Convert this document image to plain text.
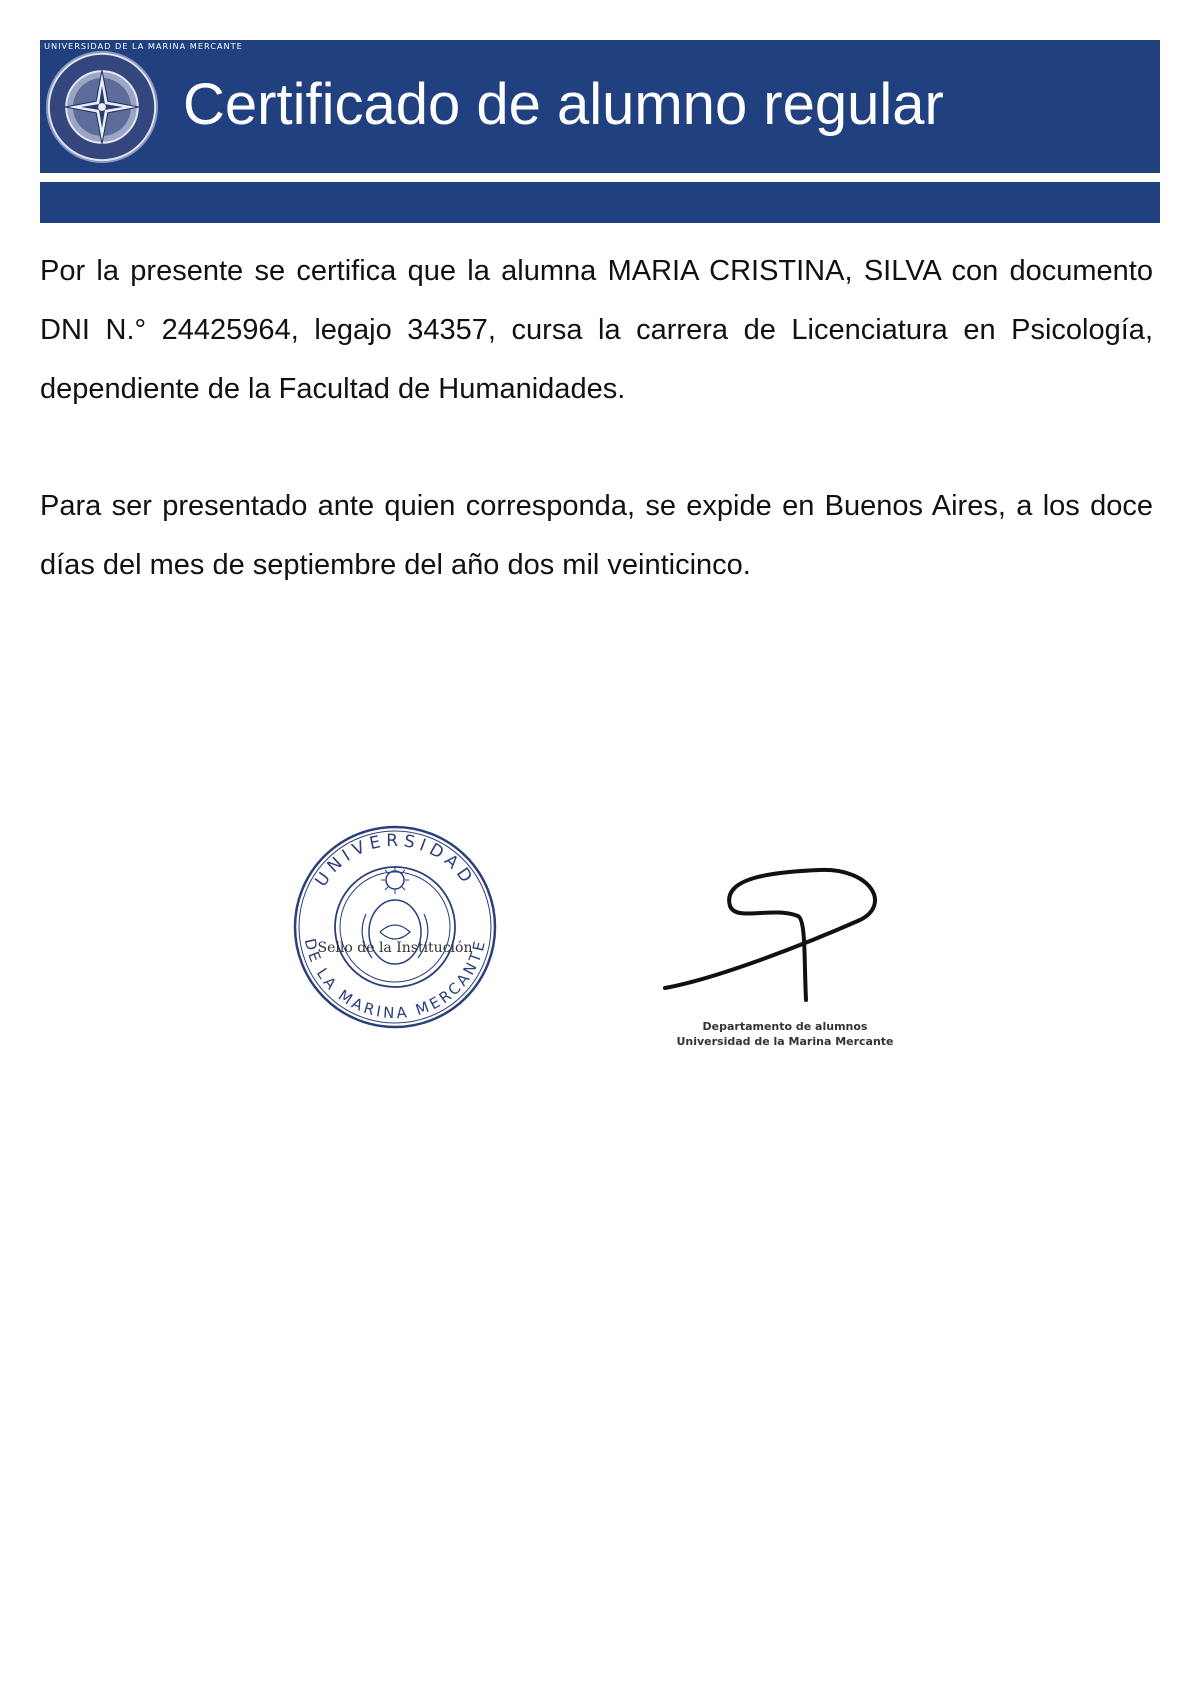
UNIVERSIDAD DE LA MARINA MERCANTE
Certificado de alumno regular

Por la presente se certifica que la alumna MARIA CRISTINA, SILVA con documento DNI N.° 24425964, legajo 34357, cursa la carrera de Licenciatura en Psicología, dependiente de la Facultad de Humanidades.

Para ser presentado ante quien corresponda, se expide en Buenos Aires, a los doce días del mes de septiembre del año dos mil veinticinco.

UNIVERSIDAD
DE LA MARINA MERCANTE
Sello de la Institución
Departamento de alumnos
Universidad de la Marina Mercante
